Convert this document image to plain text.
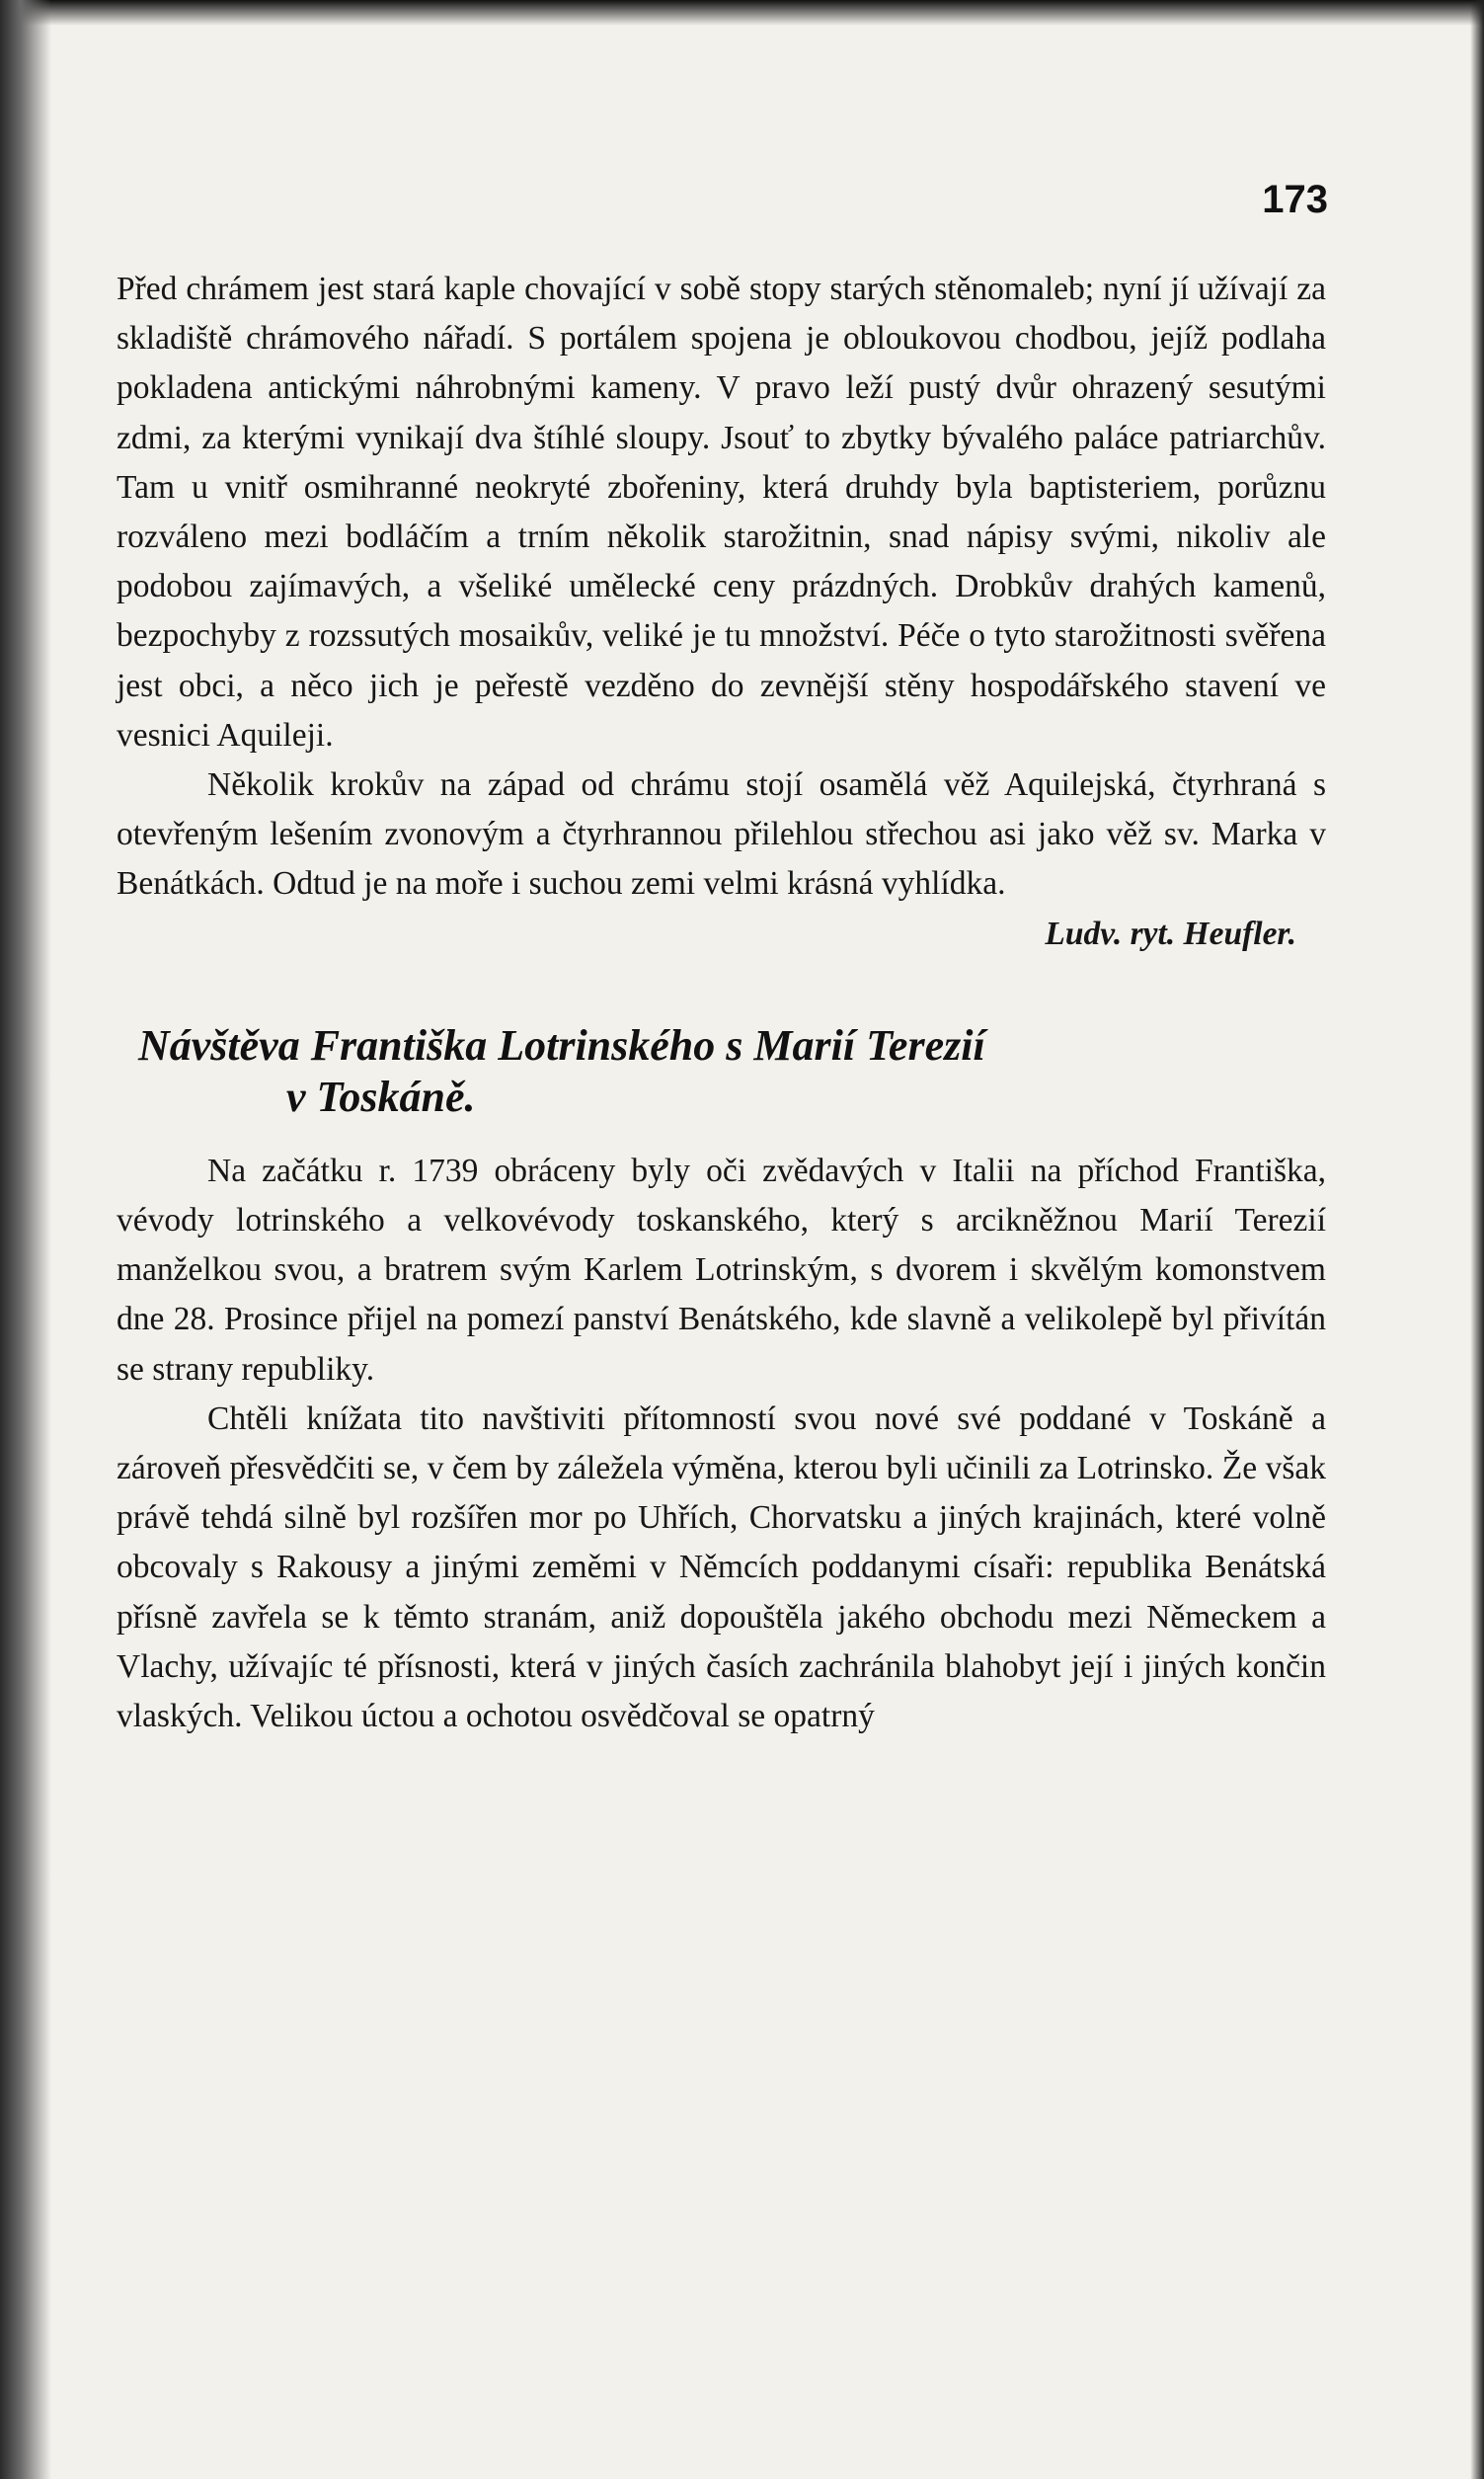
173

Před chrámem jest stará kaple chovající v sobě stopy starých stěnomaleb; nyní jí užívají za skladiště chrámového nářadí. S portálem spojena je obloukovou chodbou, jejíž podlaha pokladena antickými náhrobnými kameny. V pravo leží pustý dvůr ohrazený sesutými zdmi, za kterými vynikají dva štíhlé sloupy. Jsouť to zbytky bývalého paláce patriarchův. Tam u vnitř osmihranné neokryté zbořeniny, která druhdy byla baptisteriem, porůznu rozváleno mezi bodláčím a trním několik starožitnin, snad nápisy svými, nikoliv ale podobou zajímavých, a všeliké umělecké ceny prázdných. Drobkův drahých kamenů, bezpochyby z rozssutých mosaikův, veliké je tu množství. Péče o tyto starožitnosti svěřena jest obci, a něco jich je peřestě vezděno do zevnější stěny hospodářského stavení ve vesnici Aquileji.

Několik krokův na západ od chrámu stojí osamělá věž Aquilejská, čtyrhraná s otevřeným lešením zvonovým a čtyrhrannou přilehlou střechou asi jako věž sv. Marka v Benátkách. Odtud je na moře i suchou zemi velmi krásná vyhlídka.

Ludv. ryt. Heufler.

Návštěva Františka Lotrinského s Marií Terezií
v Toskáně.

Na začátku r. 1739 obráceny byly oči zvědavých v Italii na příchod Františka, vévody lotrinského a velkovévody toskanského, který s arcikněžnou Marií Terezií manželkou svou, a bratrem svým Karlem Lotrinským, s dvorem i skvělým komonstvem dne 28. Prosince přijel na pomezí panství Benátského, kde slavně a velikolepě byl přivítán se strany republiky.

Chtěli knížata tito navštiviti přítomností svou nové své poddané v Toskáně a zároveň přesvědčiti se, v čem by záležela výměna, kterou byli učinili za Lotrinsko. Že však právě tehdá silně byl rozšířen mor po Uhřích, Chorvatsku a jiných krajinách, které volně obcovaly s Rakousy a jinými zeměmi v Němcích poddanymi císaři: republika Benátská přísně zavřela se k těmto stranám, aniž dopouštěla jakého obchodu mezi Německem a Vlachy, užívajíc té přísnosti, která v jiných časích zachránila blahobyt její i jiných končin vlaských. Velikou úctou a ochotou osvědčoval se opatrný
